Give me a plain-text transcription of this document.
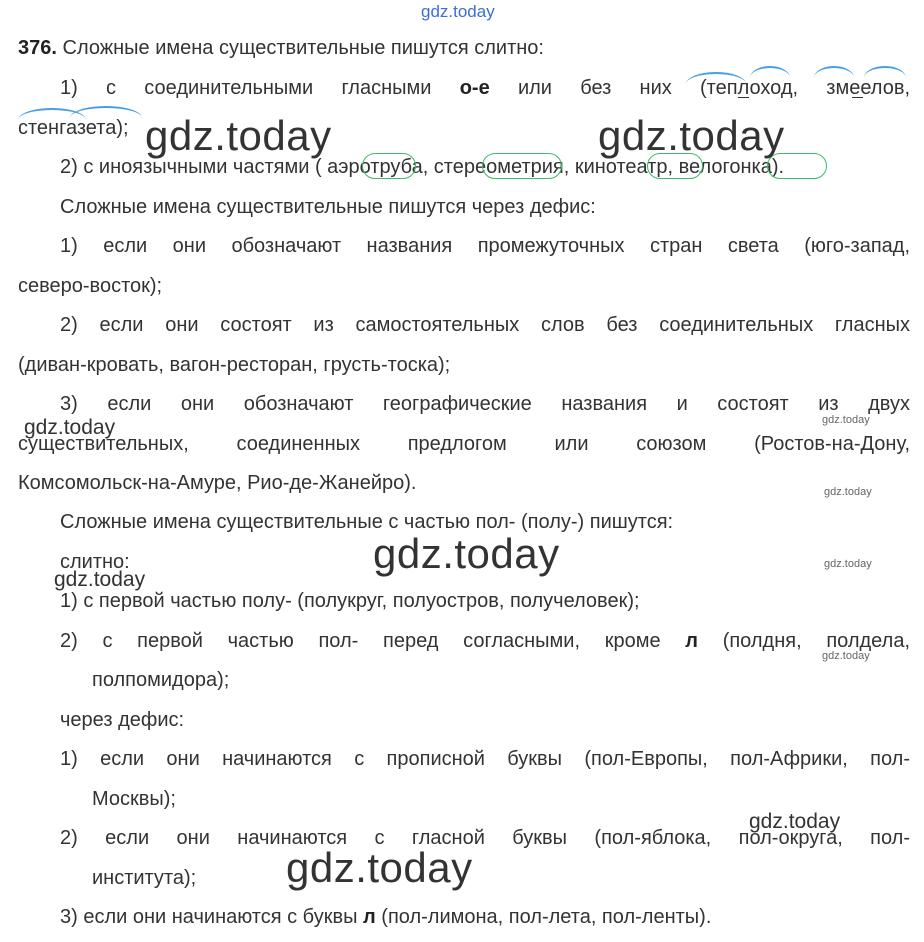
gdz.today
376. Сложные имена существительные пишутся слитно:
1) с соединительными гласными о-е или без них (теплоход, змеелов,
стенгазета);
2) с иноязычными частями ( аэротруба, стереометрия, кинотеатр, велогонка).
Сложные имена существительные пишутся через дефис:
1) если они обозначают названия промежуточных стран света (юго-запад,
северо-восток);
2) если они состоят из самостоятельных слов без соединительных гласных
(диван-кровать, вагон-ресторан, грусть-тоска);
3) если они обозначают географические названия и состоят из двух
существительных, соединенных предлогом или союзом (Ростов-на-Дону,
Комсомольск-на-Амуре, Рио-де-Жанейро).
Сложные имена существительные с частью пол- (полу-) пишутся:
слитно:
1) с первой частью полу- (полукруг, полуостров, получеловек);
2) с первой частью пол- перед согласными, кроме л (полдня, полдела,
полпомидора);
через дефис:
1) если они начинаются с прописной буквы (пол-Европы, пол-Африки, пол-
Москвы);
2) если они начинаются с гласной буквы (пол-яблока, пол-округа, пол-
института);
3) если они начинаются с буквы л (пол-лимона, пол-лета, пол-ленты).
gdz.today	gdz.today
gdz.today
gdz.today
gdz.today
gdz.today
gdz.today
gdz.today
gdz.today
gdz.today
gdz.today
